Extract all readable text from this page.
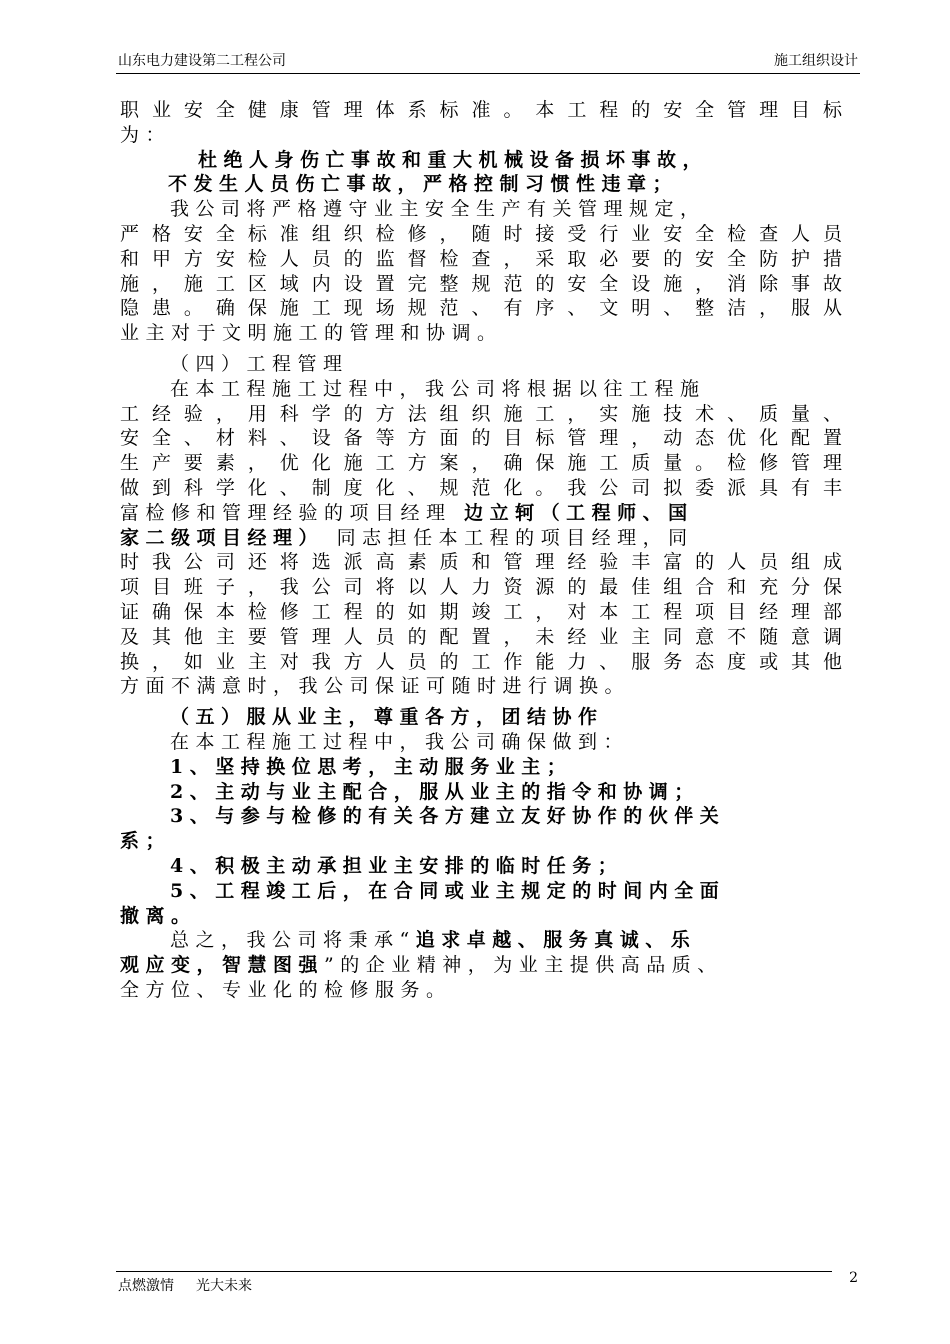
山东电力建设第二工程公司	施工组织设计
职业安全健康管理体系标准。本工程的安全管理目标
为：
杜绝人身伤亡事故和重大机械设备损坏事故，
不发生人员伤亡事故，严格控制习惯性违章；
我公司将严格遵守业主安全生产有关管理规定，
严格安全标准组织检修，随时接受行业安全检查人员
和甲方安检人员的监督检查，采取必要的安全防护措
施，施工区域内设置完整规范的安全设施，消除事故
隐患。确保施工现场规范、有序、文明、整洁，服从
业主对于文明施工的管理和协调。
（四）工程管理
在本工程施工过程中，我公司将根据以往工程施
工经验，用科学的方法组织施工，实施技术、质量、
安全、材料、设备等方面的目标管理，动态优化配置
生产要素，优化施工方案，确保施工质量。检修管理
做到科学化、制度化、规范化。我公司拟委派具有丰
富检修和管理经验的项目经理 边立轲（工程师、国
家二级项目经理） 同志担任本工程的项目经理，同
时我公司还将选派高素质和管理经验丰富的人员组成
项目班子，我公司将以人力资源的最佳组合和充分保
证确保本检修工程的如期竣工，对本工程项目经理部
及其他主要管理人员的配置，未经业主同意不随意调
换，如业主对我方人员的工作能力、服务态度或其他
方面不满意时，我公司保证可随时进行调换。
（五）服从业主，尊重各方，团结协作
在本工程施工过程中，我公司确保做到：
1、坚持换位思考，主动服务业主；
2、主动与业主配合，服从业主的指令和协调；
3、与参与检修的有关各方建立友好协作的伙伴关
系；
4、积极主动承担业主安排的临时任务；
5、工程竣工后，在合同或业主规定的时间内全面
撤离。
总之，我公司将秉承“追求卓越、服务真诚、乐
观应变，智慧图强”的企业精神，为业主提供高品质、
全方位、专业化的检修服务。
点燃激情 光大未来	2
